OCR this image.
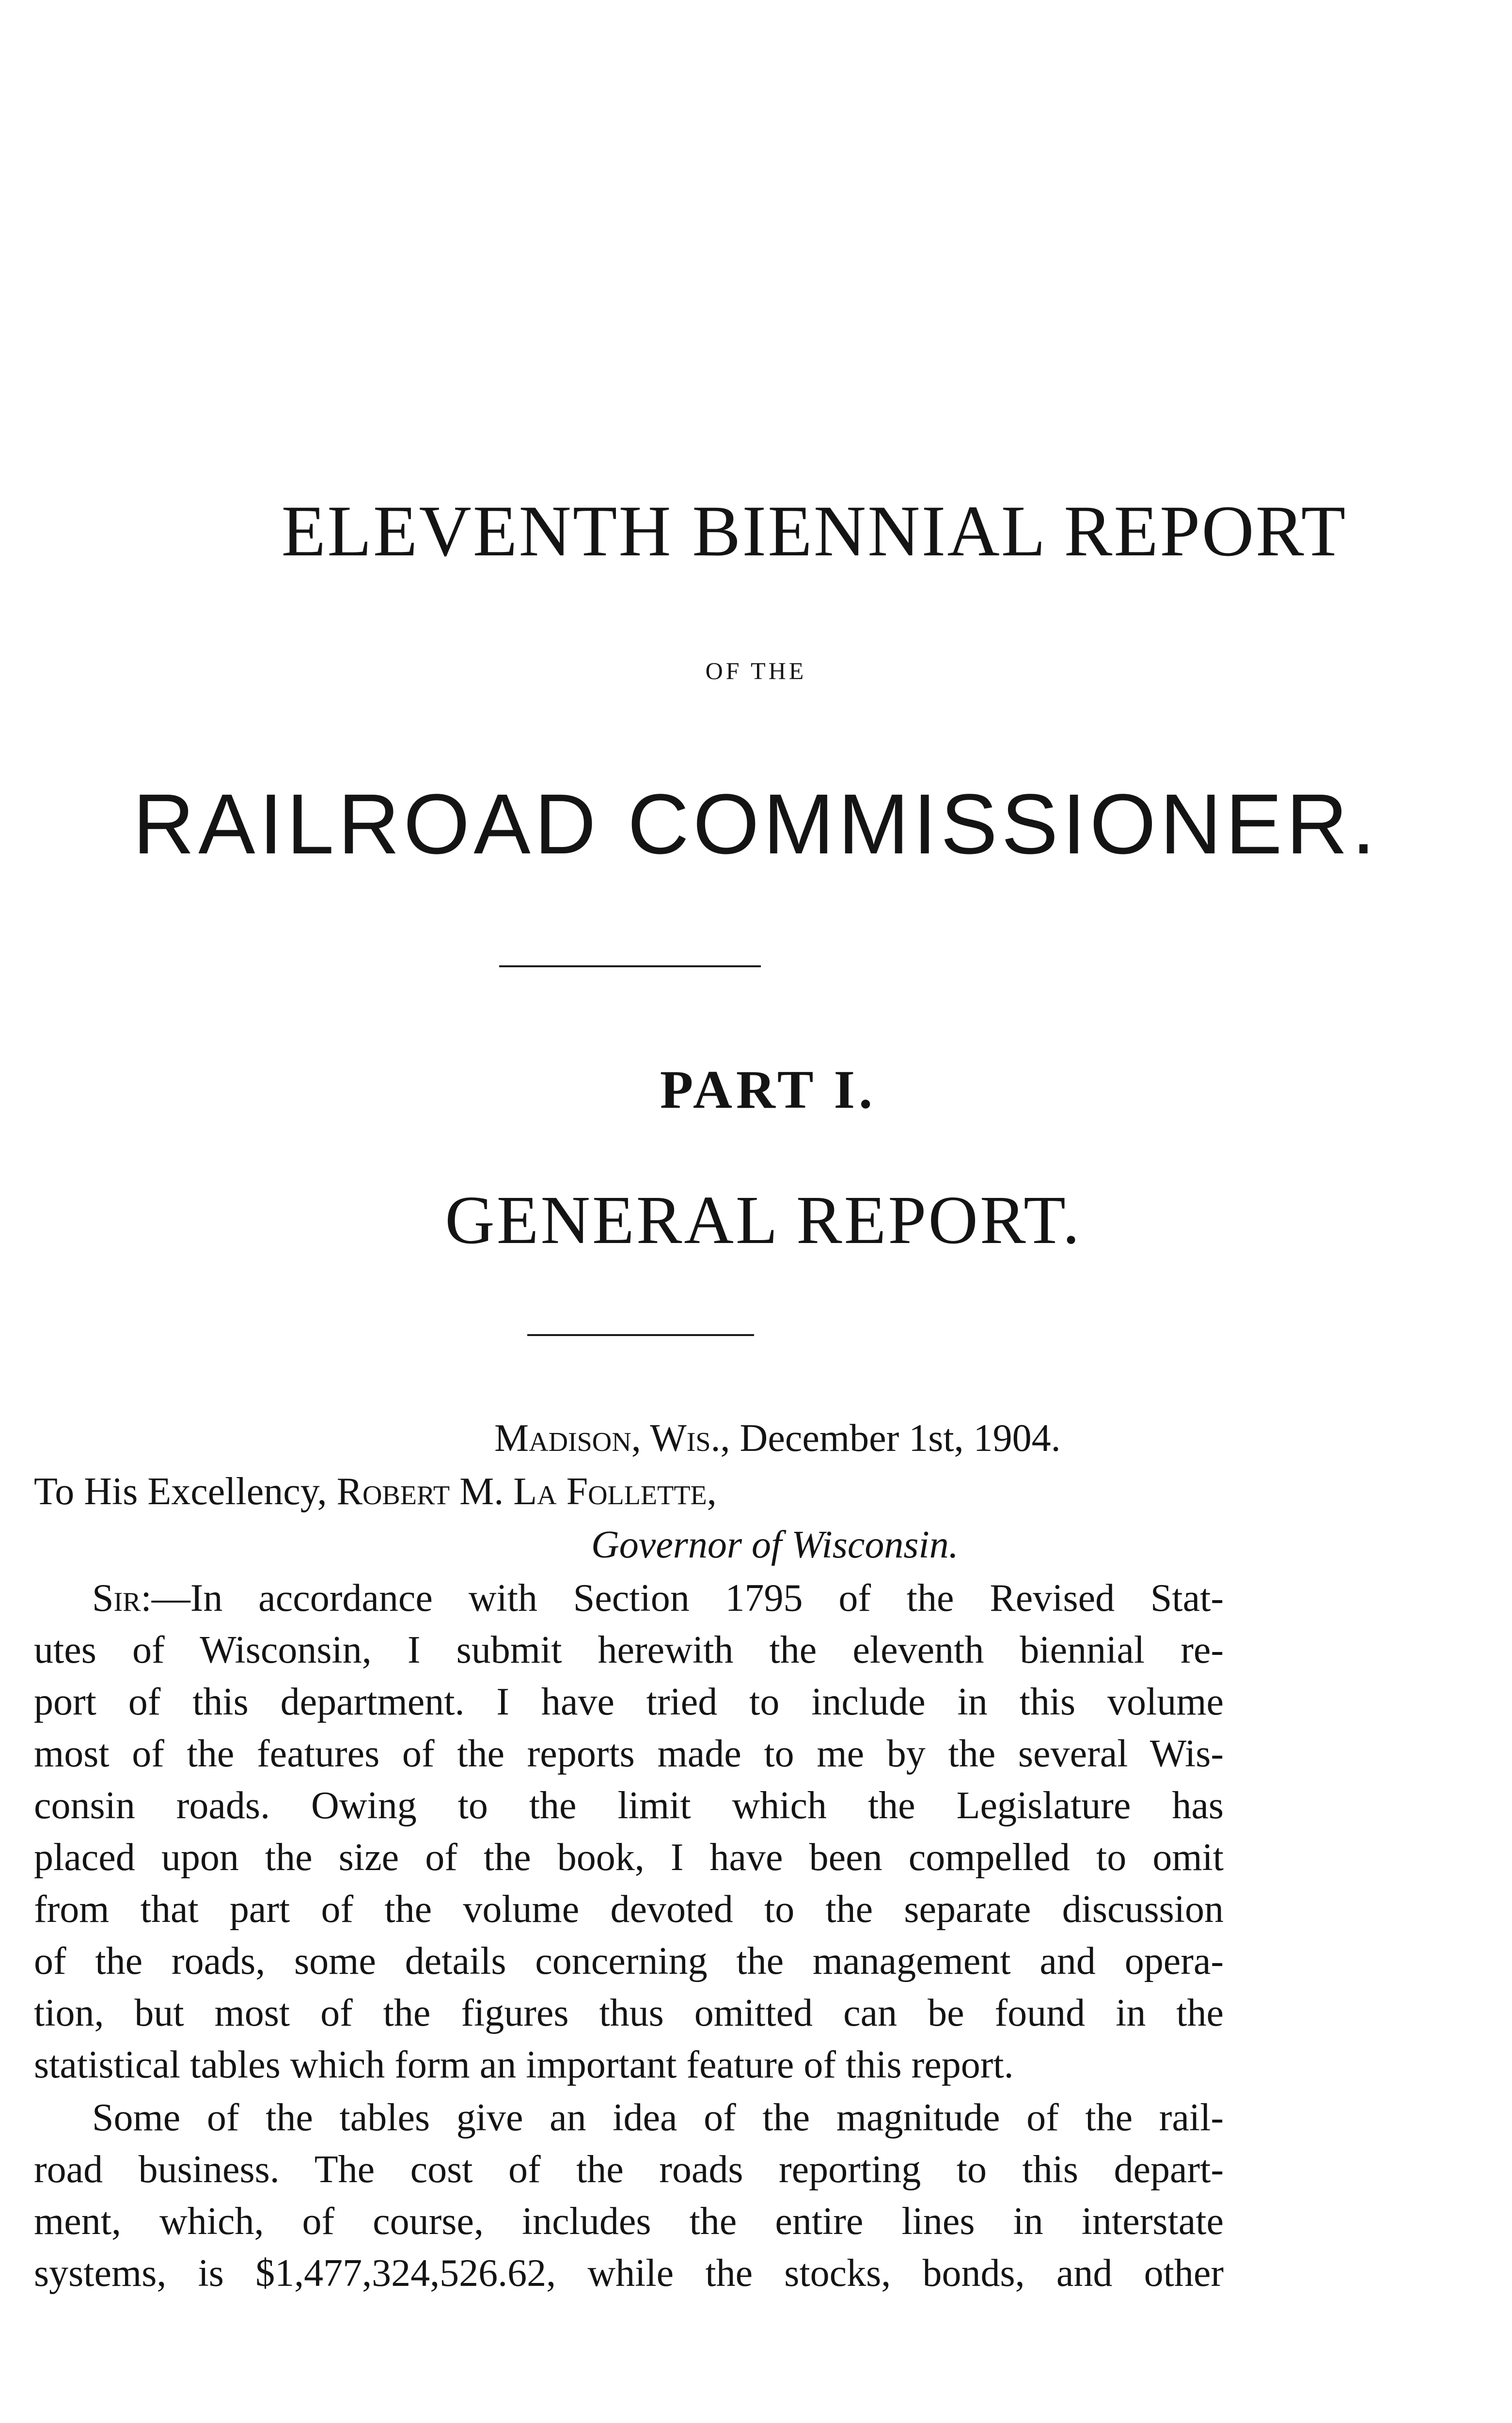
ELEVENTH BIENNIAL REPORT
OF THE
RAILROAD COMMISSIONER.
PART I.
GENERAL REPORT.
Madison, Wis., December 1st, 1904.
To His Excellency, Robert M. La Follette,
Governor of Wisconsin.
Sir:—In accordance with Section 1795 of the Revised Stat-
utes of Wisconsin, I submit herewith the eleventh biennial re-
port of this department. I have tried to include in this volume
most of the features of the reports made to me by the several Wis-
consin roads. Owing to the limit which the Legislature has
placed upon the size of the book, I have been compelled to omit
from that part of the volume devoted to the separate discussion
of the roads, some details concerning the management and opera-
tion, but most of the figures thus omitted can be found in the
statistical tables which form an important feature of this report.
Some of the tables give an idea of the magnitude of the rail-
road business. The cost of the roads reporting to this depart-
ment, which, of course, includes the entire lines in interstate
systems, is $1,477,324,526.62, while the stocks, bonds, and other
